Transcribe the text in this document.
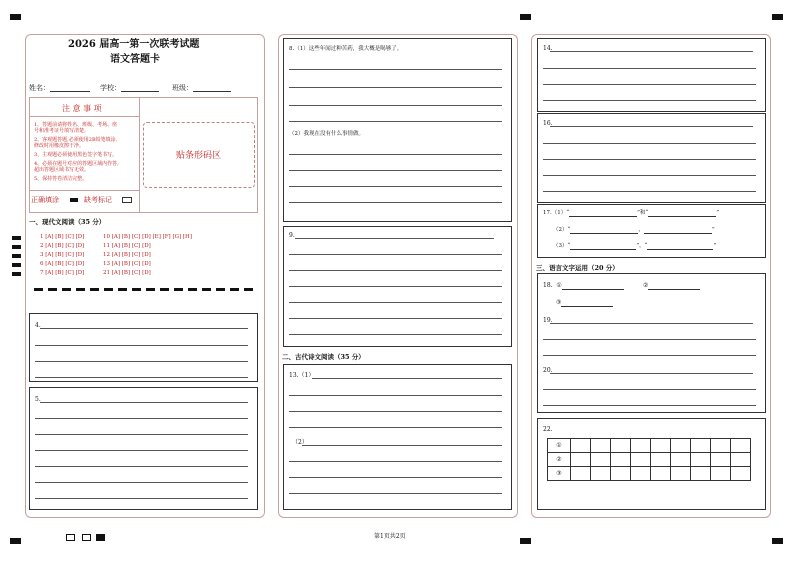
2026 届高一第一次联考试题
语文答题卡
姓名：	学校：	班级：
注 意 事 项
1、答题前请将姓名、班级、考场、座
号和准考证号填写清楚。
2、客观题答题,必须使用2B铅笔填涂,
修改时用橡皮擦干净。
3、主观题必须使用黑色签字笔书写。
4、必须在题号对应的答题区域内作答,
超出答题区域书写无效。
5、保持答卷清洁完整。
正确填涂	缺考标记
贴条形码区
一、现代文阅读（35 分）
1 [A] [B] [C] [D]
2 [A] [B] [C] [D]
3 [A] [B] [C] [D]
6 [A] [B] [C] [D]
7 [A] [B] [C] [D]
10 [A] [B] [C] [D] [E] [F] [G] [H]
11 [A] [B] [C] [D]
12 [A] [B] [C] [D]
13 [A] [B] [C] [D]
21 [A] [B] [C] [D]
4.
5.
8.（1）这些年闻过种苦药，我大概是喝够了。
（2）我现在没有什么事情做。
9.
二、古代诗文阅读（35 分）
13.（1）
（2）
14.
16.
17.（1）“	”和“	”
（2）“	，	”
（3）“	”，“	”
三、语言文字运用（20 分）
18. ①	②
③
19.
20.
22.
①									
②									
③									
第1页共2页
